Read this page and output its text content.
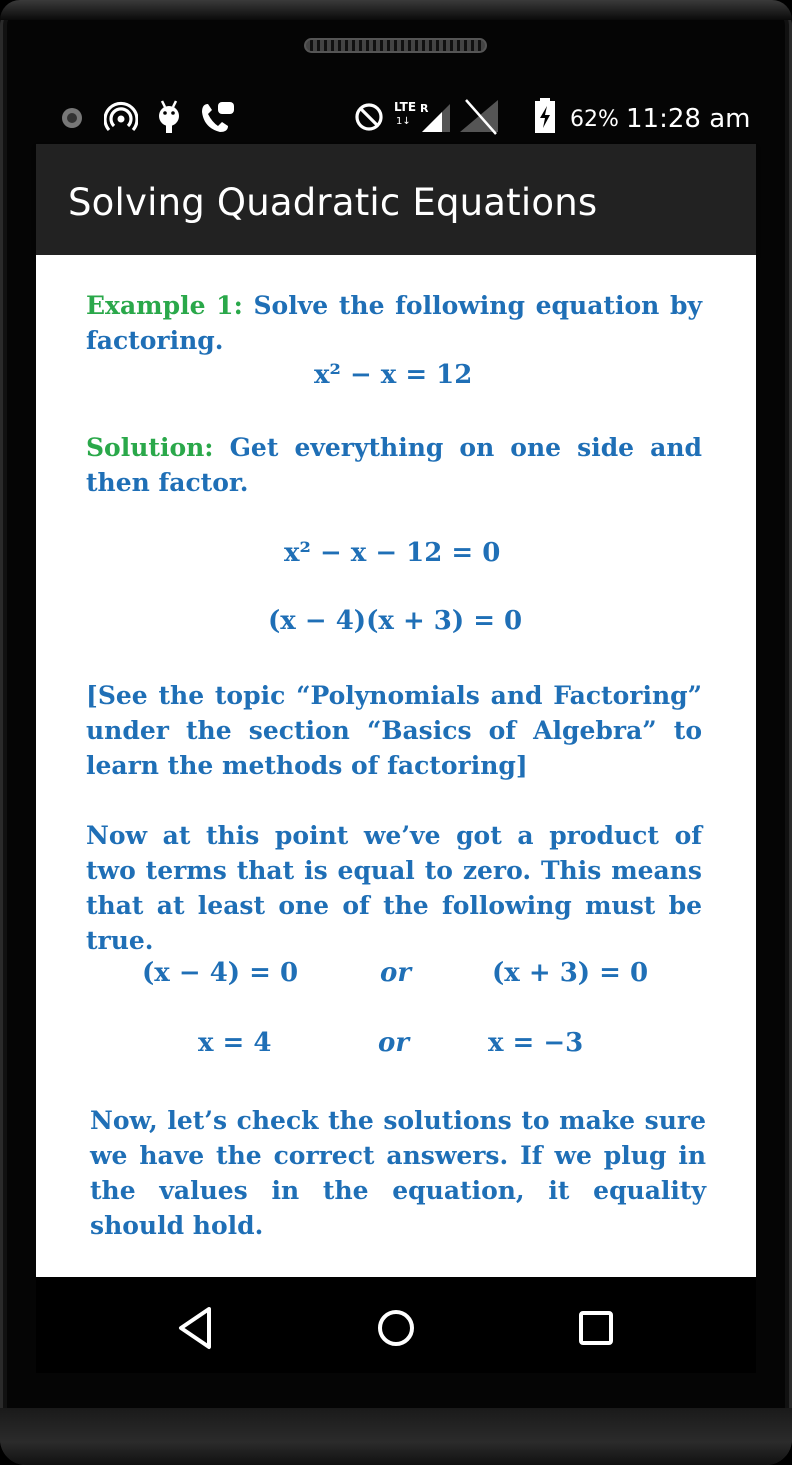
LTE
1↓
R	62% 11:28 am
Solving Quadratic Equations
Example 1: Solve the following equation by factoring.
x² − x = 12
Solution: Get everything on one side and then factor.
x² − x − 12 = 0
(x − 4)(x + 3) = 0
[See the topic “Polynomials and Factoring” under the section “Basics of Algebra” to learn the methods of factoring]
Now at this point we’ve got a product of two terms that is equal to zero. This means that at least one of the following must be true.
(x − 4) = 0	or	(x + 3) = 0
x = 4	or	x = −3
Now, let’s check the solutions to make sure we have the correct answers. If we plug in the values in the equation, it equality should hold.
